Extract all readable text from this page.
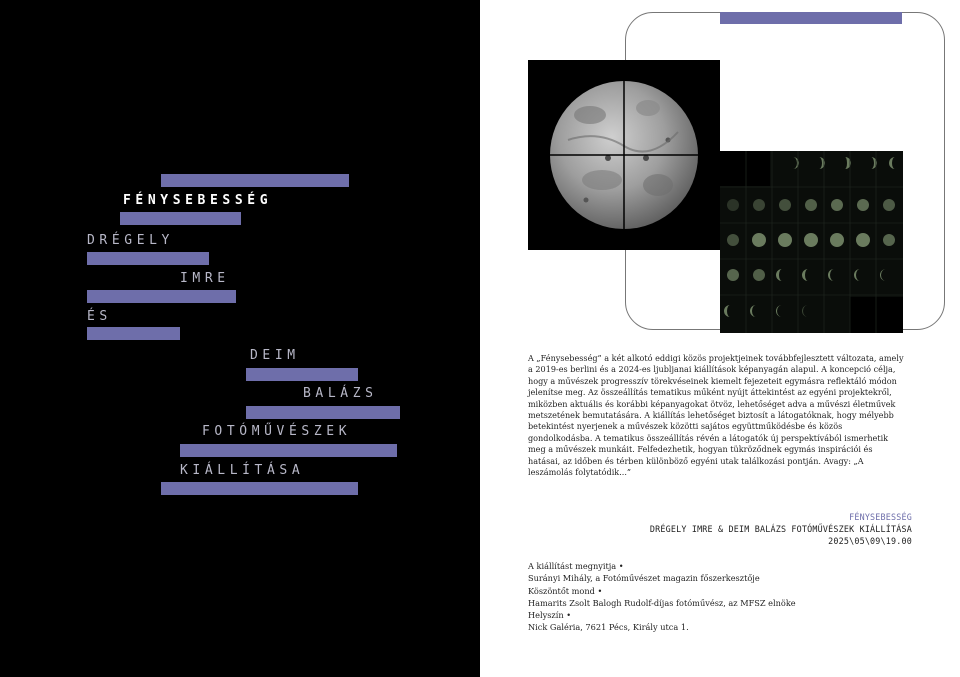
FÉNYSEBESSÉG
DRÉGELY
IMRE
ÉS
DEIM
BALÁZS
FOTÓMŰVÉSZEK
KIÁLLÍTÁSA

A „Fénysebesség” a két alkotó eddigi közös projektjeinek továbbfejlesztett változata, amely a 2019-es berlini és a 2024-es ljubljanai kiállítások képanyagán alapul. A koncepció célja, hogy a művészek progresszív törekvéseinek kiemelt fejezeteit egymásra reflektáló módon jelenítse meg. Az összeállítás tematikus műként nyújt áttekintést az egyéni projektekről, miközben aktuális és korábbi képanyagokat ötvöz, lehetőséget adva a művészi életművek metszetének bemutatására. A kiállítás lehetőséget biztosít a látogatóknak, hogy mélyebb betekintést nyerjenek a művészek közötti sajátos együttműködésbe és közös gondolkodásba. A tematikus összeállítás révén a látogatók új perspektívából ismerhetik meg a művészek munkáit. Felfedezhetik, hogyan tükröződnek egymás inspirációi és hatásai, az időben és térben különböző egyéni utak találkozási pontján. Avagy: „A leszámolás folytatódik...”

FÉNYSEBESSÉG
DRÉGELY IMRE & DEIM BALÁZS FOTÓMŰVÉSZEK KIÁLLÍTÁSA
2025\05\09\19.00
A kiállítást megnyitja •
Surányi Mihály, a Fotóművészet magazin főszerkesztője
Köszöntőt mond •
Hamarits Zsolt Balogh Rudolf-díjas fotóművész, az MFSZ elnöke
Helyszín •
Nick Galéria, 7621 Pécs, Király utca 1.
